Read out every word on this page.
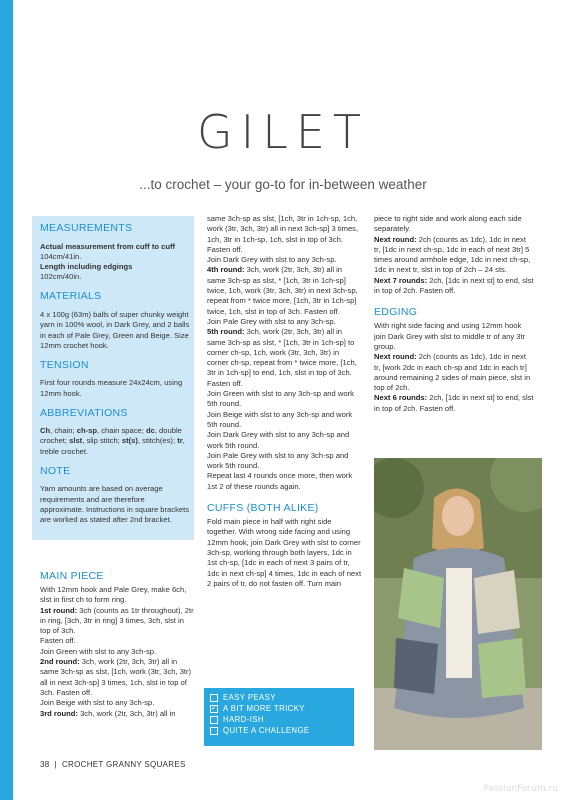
GILET
...to crochet – your go-to for in-between weather
MEASUREMENTS

Actual measurement from cuff to cuff 104cm/41in.
Length including edgings
102cm/40in.

MATERIALS

4 x 100g (63m) balls of super chunky weight yarn in 100% wool, in Dark Grey, and 2 balls in each of Pale Grey, Green and Beige. Size 12mm crochet hook.

TENSION

First four rounds measure 24x24cm, using 12mm hook.

ABBREVIATIONS

Ch, chain; ch-sp, chain space; dc, double crochet; slst, slip stitch; st(s), stitch(es); tr, treble crochet.

NOTE

Yarn amounts are based on average requirements and are therefore approximate. Instructions in square brackets are worked as stated after 2nd bracket.

MAIN PIECE

With 12mm hook and Pale Grey, make 6ch, slst in first ch to form ring.

1st round: 3ch (counts as 1tr throughout), 2tr in ring, [3ch, 3tr in ring] 3 times, 3ch, slst in top of 3ch.

Fasten off.

Join Green with slst to any 3ch-sp.

2nd round: 3ch, work (2tr, 3ch, 3tr) all in same 3ch-sp as slst, [1ch, work (3tr, 3ch, 3tr) all in next 3ch-sp] 3 times, 1ch, slst in top of 3ch. Fasten off.

Join Beige with slst to any 3ch-sp.

3rd round: 3ch, work (2tr, 3ch, 3tr) all in

same 3ch-sp as slst, [1ch, 3tr in 1ch-sp, 1ch, work (3tr, 3ch, 3tr) all in next 3ch-sp] 3 times, 1ch, 3tr in 1ch-sp, 1ch, slst in top of 3ch. Fasten off.

Join Dark Grey with slst to any 3ch-sp.

4th round: 3ch, work (2tr, 3ch, 3tr) all in same 3ch-sp as slst, * [1ch, 3tr in 1ch-sp] twice, 1ch, work (3tr, 3ch, 3tr) in next 3ch-sp, repeat from * twice more, [1ch, 3tr in 1ch-sp] twice, 1ch, slst in top of 3ch. Fasten off.

Join Pale Grey with slst to any 3ch-sp.

5th round: 3ch, work (2tr, 3ch, 3tr) all in same 3ch-sp as slst, * [1ch, 3tr in 1ch-sp] to corner ch-sp, 1ch, work (3tr, 3ch, 3tr) in corner ch-sp, repeat from * twice more, [1ch, 3tr in 1ch-sp] to end, 1ch, slst in top of 3ch.

Fasten off.

Join Green with slst to any 3ch-sp and work 5th round.

Join Beige with slst to any 3ch-sp and work 5th round.

Join Dark Grey with slst to any 3ch-sp and work 5th round.

Join Pale Grey with slst to any 3ch-sp and work 5th round.

Repeat last 4 rounds once more, then work 1st 2 of these rounds again.

CUFFS (BOTH ALIKE)

Fold main piece in half with right side together. With wrong side facing and using 12mm hook, join Dark Grey with slst to corner 3ch-sp, working through both layers, 1dc in 1st ch-sp, [1dc in each of next 3 pairs of tr, 1dc in next ch-sp] 4 times, 1dc in each of next 2 pairs of tr, do not fasten off. Turn main

piece to right side and work along each side separately.

Next round: 2ch (counts as 1dc), 1dc in next tr, [1dc in next ch-sp, 1dc in each of next 3tr] 5 times around armhole edge, 1dc in next ch-sp, 1dc in next tr, slst in top of 2ch – 24 sts.

Next 7 rounds: 2ch, [1dc in next st] to end, slst in top of 2ch. Fasten off.

EDGING

With right side facing and using 12mm hook join Dark Grey with slst to middle tr of any 3tr group.

Next round: 2ch (counts as 1dc), 1dc in next tr, [work 2dc in each ch-sp and 1dc in each tr] around remaining 2 sides of main piece, slst in top of 2ch.

Next 6 rounds: 2ch, [1dc in next st] to end, slst in top of 2ch. Fasten off.

EASY PEASY
✓ A BIT MORE TRICKY
HARD-ISH
QUITE A CHALLENGE
38  |  CROCHET GRANNY SQUARES
PassionForum.ru
